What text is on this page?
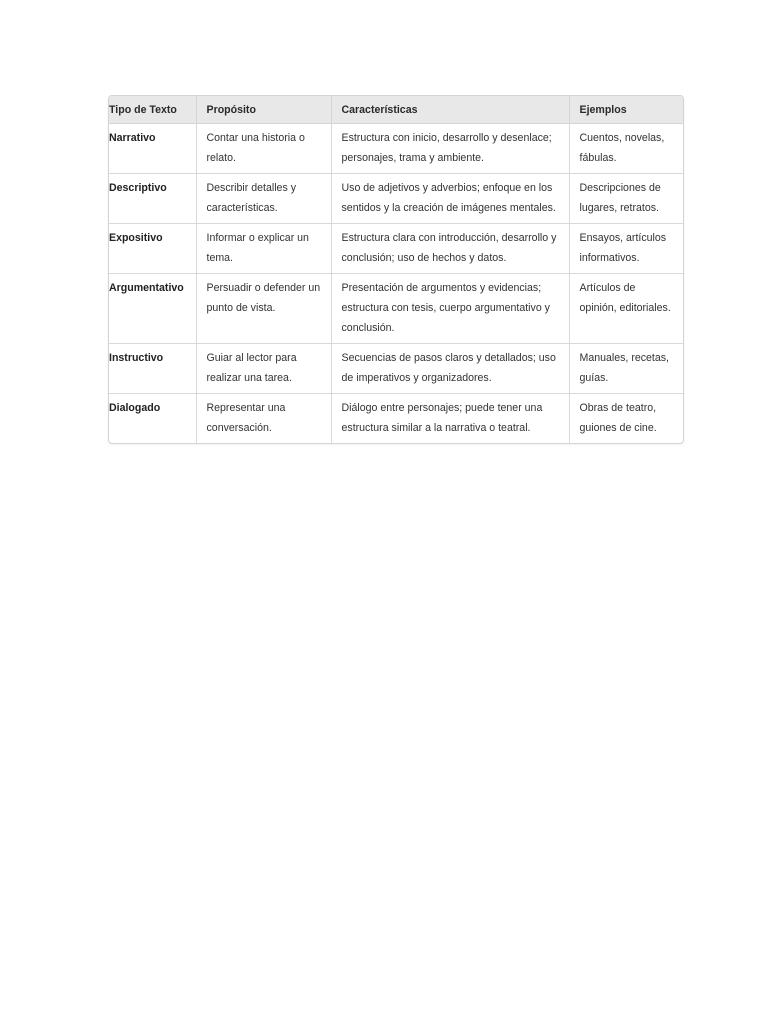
Tipo de Texto	Propósito	Características	Ejemplos
Narrativo	Contar una historia o relato.	Estructura con inicio, desarrollo y desenlace; personajes, trama y ambiente.	Cuentos, novelas, fábulas.
Descriptivo	Describir detalles y características.	Uso de adjetivos y adverbios; enfoque en los sentidos y la creación de imágenes mentales.	Descripciones de lugares, retratos.
Expositivo	Informar o explicar un tema.	Estructura clara con introducción, desarrollo y conclusión; uso de hechos y datos.	Ensayos, artículos informativos.
Argumentativo	Persuadir o defender un punto de vista.	Presentación de argumentos y evidencias; estructura con tesis, cuerpo argumentativo y conclusión.	Artículos de opinión, editoriales.
Instructivo	Guiar al lector para realizar una tarea.	Secuencias de pasos claros y detallados; uso de imperativos y organizadores.	Manuales, recetas, guías.
Dialogado	Representar una conversación.	Diálogo entre personajes; puede tener una estructura similar a la narrativa o teatral.	Obras de teatro, guiones de cine.
